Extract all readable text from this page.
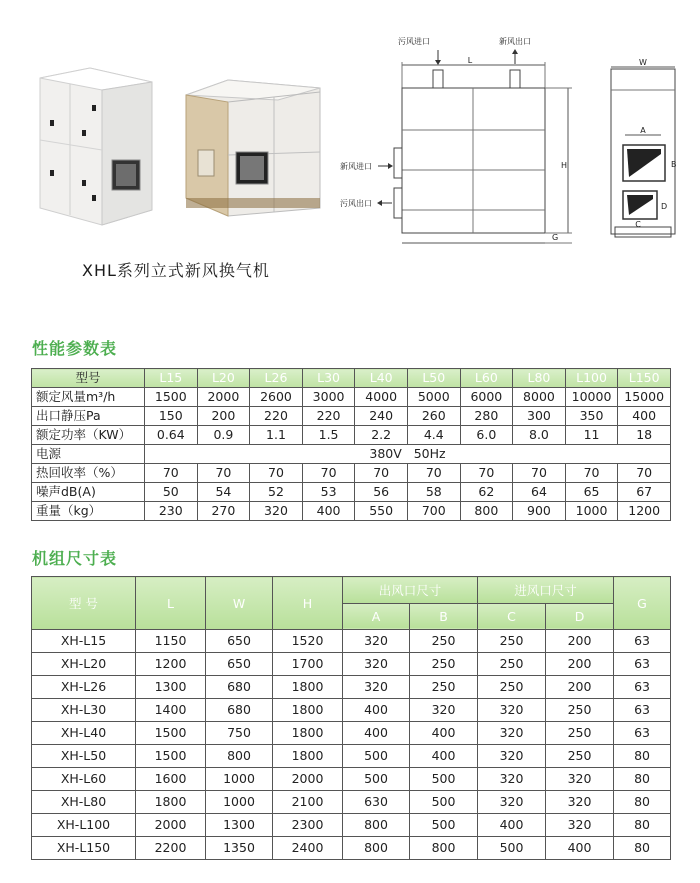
XHL系列立式新风换气机
污风进口	新风出口
L
新风进口
污风出口
H
G
W
A
B
D
C
性能参数表
型号	L15	L20	L26	L30	L40	L50	L60	L80	L100	L150
额定风量m³/h	1500	2000	2600	3000	4000	5000	6000	8000	10000	15000
出口静压Pa	150	200	220	220	240	260	280	300	350	400
额定功率（KW）	0.64	0.9	1.1	1.5	2.2	4.4	6.0	8.0	11	18
电源	380V   50Hz									
热回收率（%）	70	70	70	70	70	70	70	70	70	70
噪声dB(A)	50	54	52	53	56	58	62	64	65	67
重量（kg）	230	270	320	400	550	700	800	900	1000	1200
机组尺寸表
型 号	L	W	H	出风口尺寸		进风口尺寸		G
				A	B	C	D	
XH-L15	1150	650	1520	320	250	250	200	63
XH-L20	1200	650	1700	320	250	250	200	63
XH-L26	1300	680	1800	320	250	250	200	63
XH-L30	1400	680	1800	400	320	320	250	63
XH-L40	1500	750	1800	400	400	320	250	63
XH-L50	1500	800	1800	500	400	320	250	80
XH-L60	1600	1000	2000	500	500	320	320	80
XH-L80	1800	1000	2100	630	500	320	320	80
XH-L100	2000	1300	2300	800	500	400	320	80
XH-L150	2200	1350	2400	800	800	500	400	80
